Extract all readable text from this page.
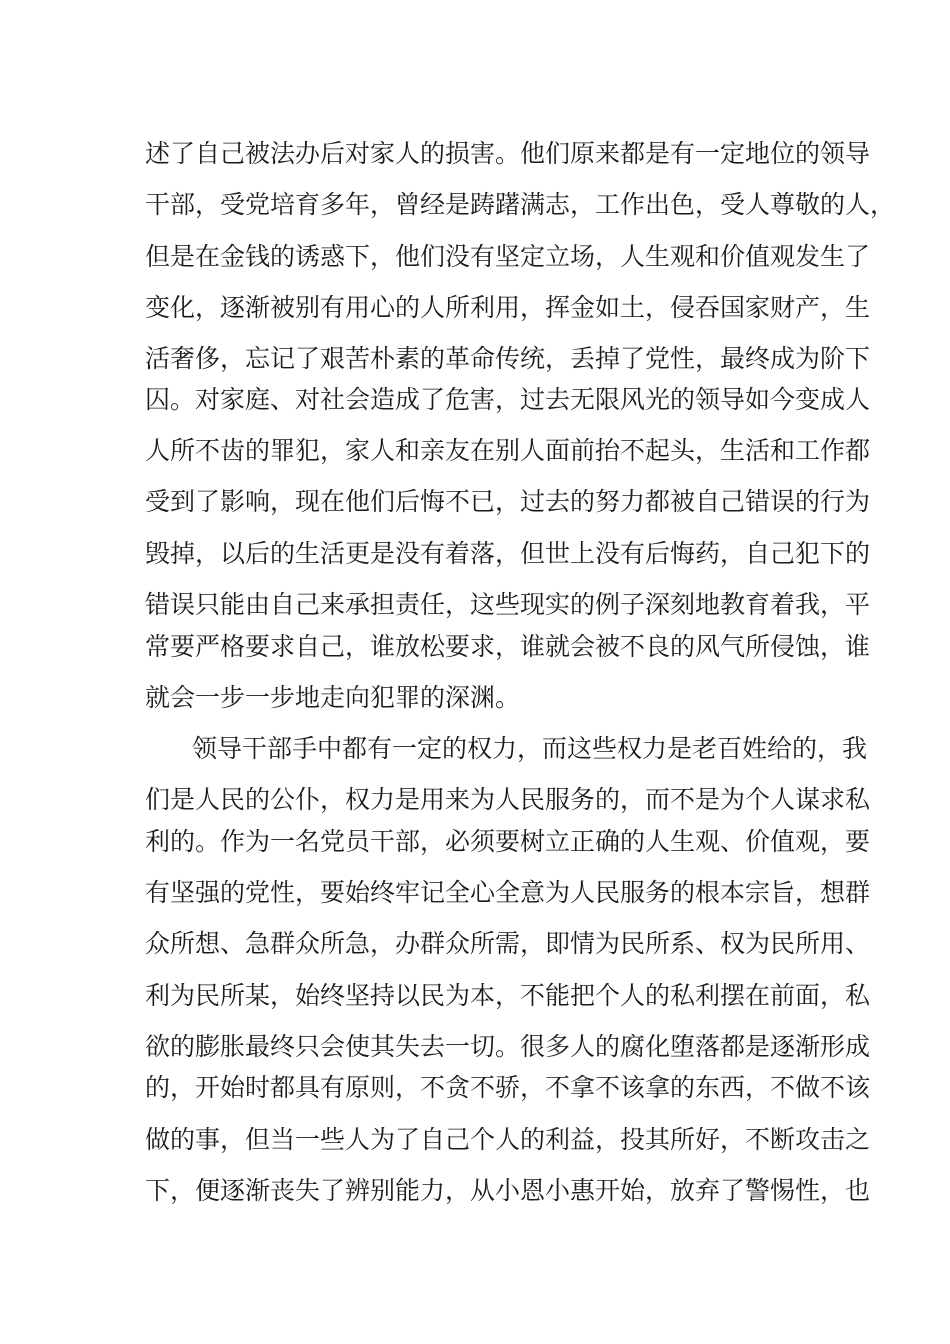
述了自己被法办后对家人的损害。他们原来都是有一定地位的领导
干部，受党培育多年，曾经是踌躇满志，工作出色，受人尊敬的人，
但是在金钱的诱惑下，他们没有坚定立场，人生观和价值观发生了
变化，逐渐被别有用心的人所利用，挥金如土，侵吞国家财产，生
活奢侈，忘记了艰苦朴素的革命传统，丢掉了党性，最终成为阶下
囚。对家庭、对社会造成了危害，过去无限风光的领导如今变成人
人所不齿的罪犯，家人和亲友在别人面前抬不起头，生活和工作都
受到了影响，现在他们后悔不已，过去的努力都被自己错误的行为
毁掉，以后的生活更是没有着落，但世上没有后悔药，自己犯下的
错误只能由自己来承担责任，这些现实的例子深刻地教育着我，平
常要严格要求自己，谁放松要求，谁就会被不良的风气所侵蚀，谁
就会一步一步地走向犯罪的深渊。
领导干部手中都有一定的权力，而这些权力是老百姓给的，我
们是人民的公仆，权力是用来为人民服务的，而不是为个人谋求私
利的。作为一名党员干部，必须要树立正确的人生观、价值观，要
有坚强的党性，要始终牢记全心全意为人民服务的根本宗旨，想群
众所想、急群众所急，办群众所需，即情为民所系、权为民所用、
利为民所某，始终坚持以民为本，不能把个人的私利摆在前面，私
欲的膨胀最终只会使其失去一切。很多人的腐化堕落都是逐渐形成
的，开始时都具有原则，不贪不骄，不拿不该拿的东西，不做不该
做的事，但当一些人为了自己个人的利益，投其所好，不断攻击之
下，便逐渐丧失了辨别能力，从小恩小惠开始，放弃了警惕性，也
